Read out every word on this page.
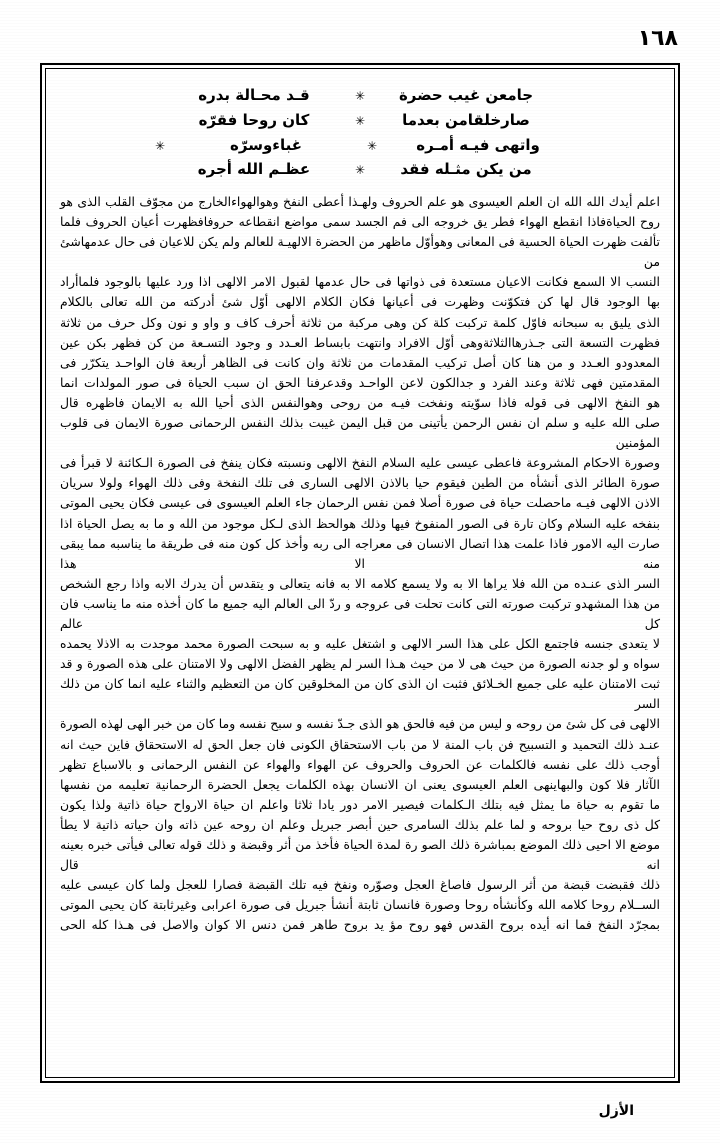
١٦٨
جامعن غيب حضرة
✳
قـد محـالة بدره
صارخلقامن بعدما
✳
كان روحا فقرّه
واتهى فيـه أمـره
✳
غباءوسرّه
✳
من يكن مثـله فقد
✳
عظـم الله أجره

اعلم أيدك الله الله ان العلم العيسوى هو علم الحروف ولهـذا أعطى النفخ وهوالهواءالخارج من مجوّف القلب الذى هو

روح الحياةفاذا انقطع الهواء فطر يق خروجه الى فم الجسد سمى مواضع انقطاعه حروفافظهرت أعيان الحروف فلما

تألفت ظهرت الحياة الحسية فى المعانى وهوأوّل ماظهر من الحضرة الالهيـة للعالم ولم يكن للاعيان فى حال عدمهاشئ من

النسب الا السمع فكانت الاعيان مستعدة فى ذواتها فى حال عدمها لقبول الامر الالهى اذا ورد عليها بالوجود فلماأراد

بها الوجود قال لها كن فتكوّنت وظهرت فى أعيانها فكان الكلام الالهى أوّل شئ أدركته من الله تعالى بالكلام

الذى يليق به سبحانه فاوّل كلمة تركبت كلة كن وهى مركبة من ثلاثة أحرف كاف و واو و نون وكل حرف من ثلاثة

فظهرت التسعة التى جـذرهاالثلاثةوهى أوّل الافراد وانتهت بابساط العـدد و وجود التسـعة من كن فظهر بكن عين

المعدودو العـدد و من هنا كان أصل تركيب المقدمات من ثلاثة وان كانت فى الظاهر أربعة فان الواحـد يتكرّر فى

المقدمتين فهى ثلاثة وعند الفرد و جدالكون لاعن الواحـد وقدعرفنا الحق ان سبب الحياة فى صور المولدات انما

هو النفخ الالهى فى قوله فاذا سوّيته ونفخت فيـه من روحى وهوالنفس الذى أحيا الله به الايمان فاظهره قال

صلى الله عليه و سلم ان نفس الرحمن يأتينى من قبل اليمن غيبت بذلك النفس الرحمانى صورة الايمان فى قلوب المؤمنين

وصورة الاحكام المشروعة فاعطى عيسى عليه السلام النفخ الالهى ونسبته فكان ينفخ فى الصورة الـكائنة لا قبرأ فى

صورة الطائر الذى أنشأه من الطين فيقوم حيا بالاذن الالهى السارى فى تلك النفخة وفى ذلك الهواء ولولا سريان

الاذن الالهى فيـه ماحصلت حياة فى صورة أصلا فمن نفس الرحمان جاء العلم العيسوى فى عيسى فكان يحيى الموتى

بنفخه عليه السلام وكان تارة فى الصور المنفوخ فيها وذلك هوالحظ الذى لـكل موجود من الله و ما به يصل الحياة اذا

صارت اليه الامور فاذا علمت هذا اتصال الانسان فى معراجه الى ربه وأخذ كل كون منه فى طريقة ما يناسبه مما يبقى منه الا هذا

السر الذى عنـده من الله فلا يراها الا به ولا يسمع كلامه الا به فانه يتعالى و يتقدس أن يدرك الابه واذا رجع الشخص

من هذا المشهدو تركبت صورته التى كانت تحلت فى عروجه و ردّ الى العالم اليه جميع ما كان أخذه منه ما يناسب فان كل عالم

لا يتعدى جنسه فاجتمع الكل على هذا السر الالهى و اشتغل عليه و به سبحت الصورة محمد موجدت به الاذلا يحمده

سواه و لو جدنه الصورة من حيث هى لا من حيث هـذا السر لم يظهر الفضل الالهى ولا الامتنان على هذه الصورة و قد

ثبت الامتنان عليه على جميع الخـلائق فثبت ان الذى كان من المخلوقين كان من التعظيم والثناء عليه انما كان من ذلك السر

الالهى فى كل شئ من روحه و ليس من فيه فالحق هو الذى جـدّ نفسه و سبح نفسه وما كان من خبر الهى لهذه الصورة

عنـد ذلك التحميد و التسبيح فن باب المنة لا من باب الاستحقاق الكونى فان جعل الحق له الاستحقاق فاين حيث انه

أوجب ذلك على نفسه فالكلمات عن الحروف والحروف عن الهواء والهواء عن النفس الرحمانى و بالاسباع تظهر

الآثار فلا كون والبهاينهى العلم العيسوى يعنى ان الانسان بهذه الكلمات يجعل الحضرة الرحمانية تعليمه من نفسها

ما تقوم به حياة ما يمثل فيه بتلك الـكلمات فيصير الامر دور يادا ثلاثا واعلم ان حياة الارواح حياة ذاتية ولذا يكون

كل ذى روح حيا بروحه و لما علم بذلك السامرى حين أبصر جبريل وعلم ان روحه عين ذاته وان حياته ذاتية لا يطأ

موضع الا احيى ذلك الموضع بمباشرة ذلك الصو رة لمدة الحياة فأخذ من أثر وقبضة و ذلك قوله تعالى فيأتى خبره بعينه انه قال

ذلك فقبضت قبضة من أثر الرسول فاصاغ العجل وصوّره ونفخ فيه تلك القبضة فصارا للعجل ولما كان عيسى عليه

الســلام روحا كلامه الله وكأنشأه روحا وصورة فانسان ثابتة أنشأ جبريل فى صورة اعرابى وغيرثابتة كان يحيى الموتى

بمجرّد النفخ فما انه أيده بروح القدس فهو روح مؤ يد بروح طاهر فمن دنس الا كوان والاصل فى هـذا كله الحى

الأزل
